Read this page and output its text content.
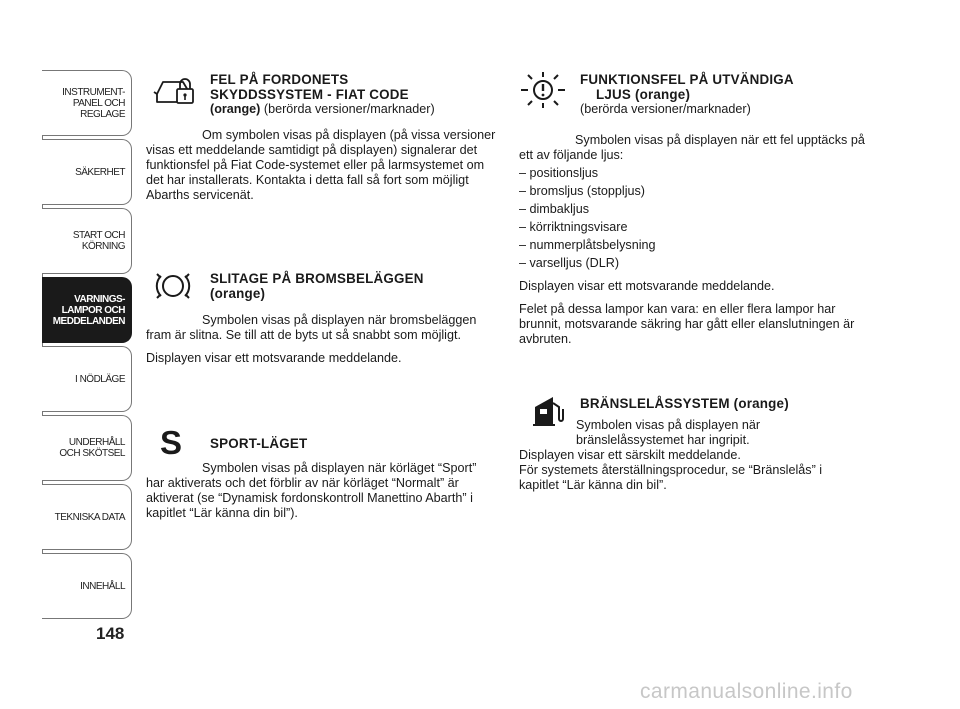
INSTRUMENT-
PANEL OCH
REGLAGE
SÄKERHET
START OCH
KÖRNING
VARNINGS-
LAMPOR OCH
MEDDELANDEN
I NÖDLÄGE
UNDERHÅLL
OCH SKÖTSEL
TEKNISKA DATA
INNEHÅLL
148
FEL PÅ FORDONETS
SKYDDSSYSTEM - FIAT CODE
(orange) (berörda versioner/marknader)

Om symbolen visas på displayen (på vissa versioner visas ett meddelande samtidigt på displayen) signalerar det funktionsfel på Fiat Code-systemet eller på larmsystemet om det har installerats. Kontakta i detta fall så fort som möjligt Abarths servicenät.

SLITAGE PÅ BROMSBELÄGGEN
(orange)

Symbolen visas på displayen när bromsbeläggen fram är slitna. Se till att de byts ut så snabbt som möjligt.

Displayen visar ett motsvarande meddelande.

S SPORT-LÄGET

Symbolen visas på displayen när körläget “Sport” har aktiverats och det förblir av när körläget “Normalt” är aktiverat (se “Dynamisk fordonskontroll Manettino Abarth” i kapitlet “Lär känna din bil”).

FUNKTIONSFEL PÅ UTVÄNDIGA
LJUS (orange)
(berörda versioner/marknader)

Symbolen visas på displayen när ett fel upptäcks på ett av följande ljus:

– positionsljus
– bromsljus (stoppljus)
– dimbakljus
– körriktningsvisare
– nummerplåtsbelysning
– varselljus (DLR)

Displayen visar ett motsvarande meddelande.

Felet på dessa lampor kan vara: en eller flera lampor har brunnit, motsvarande säkring har gått eller elanslutningen är avbruten.

BRÄNSLELÅSSYSTEM (orange)

Symbolen visas på displayen när bränslelåssystemet har ingripit.

Displayen visar ett särskilt meddelande.

För systemets återställningsprocedur, se “Bränslelås” i kapitlet “Lär känna din bil”.

carmanualsonline.info
